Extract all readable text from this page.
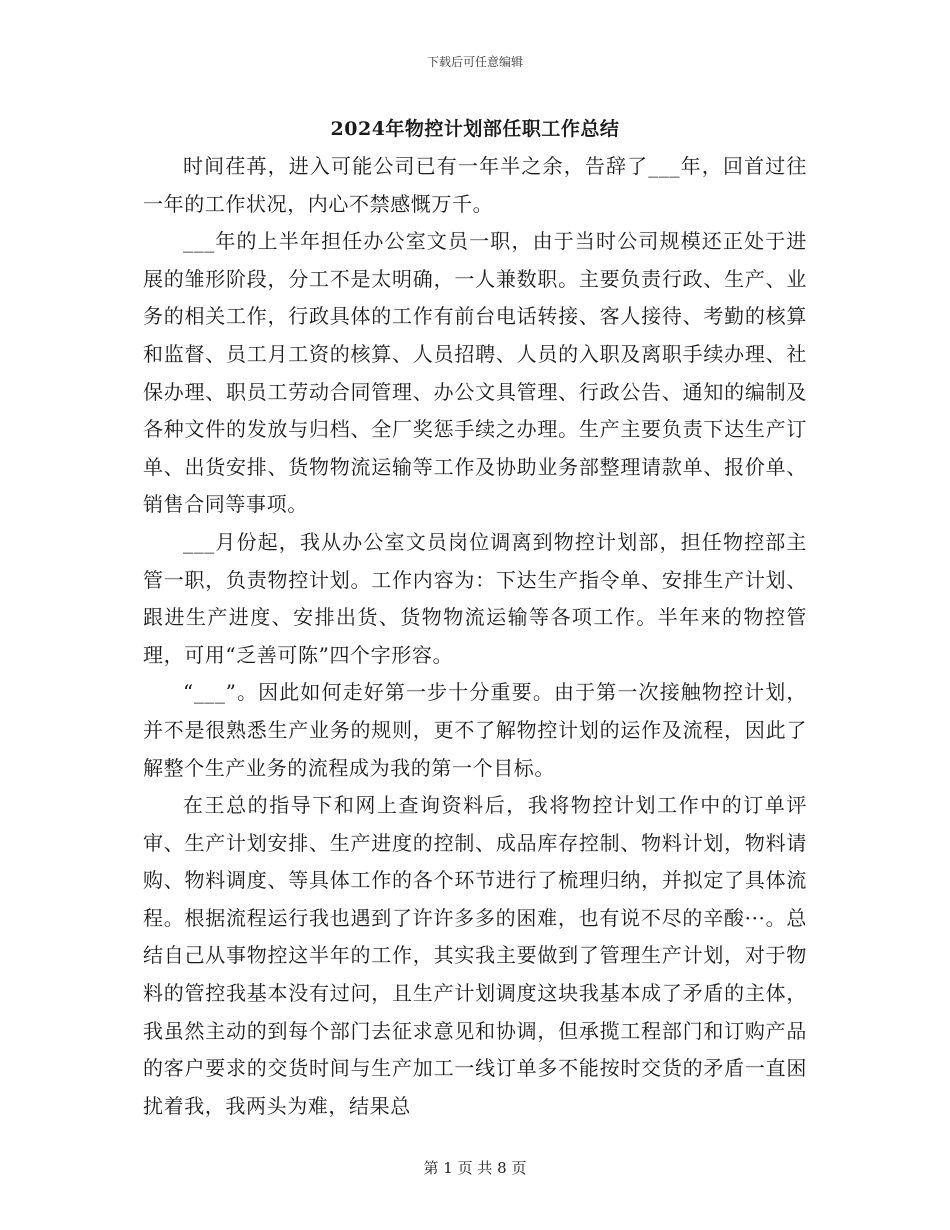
下载后可任意编辑
2024年物控计划部任职工作总结

时间荏苒，进入可能公司已有一年半之余，告辞了___年，回首过往一年的工作状况，内心不禁感慨万千。

___年的上半年担任办公室文员一职，由于当时公司规模还正处于进展的雏形阶段，分工不是太明确，一人兼数职。主要负责行政、生产、业务的相关工作，行政具体的工作有前台电话转接、客人接待、考勤的核算和监督、员工月工资的核算、人员招聘、人员的入职及离职手续办理、社保办理、职员工劳动合同管理、办公文具管理、行政公告、通知的编制及各种文件的发放与归档、全厂奖惩手续之办理。生产主要负责下达生产订单、出货安排、货物物流运输等工作及协助业务部整理请款单、报价单、销售合同等事项。

___月份起，我从办公室文员岗位调离到物控计划部，担任物控部主管一职，负责物控计划。工作内容为：下达生产指令单、安排生产计划、跟进生产进度、安排出货、货物物流运输等各项工作。半年来的物控管理，可用“乏善可陈”四个字形容。

“___”。因此如何走好第一步十分重要。由于第一次接触物控计划，并不是很熟悉生产业务的规则，更不了解物控计划的运作及流程，因此了解整个生产业务的流程成为我的第一个目标。

在王总的指导下和网上查询资料后，我将物控计划工作中的订单评审、生产计划安排、生产进度的控制、成品库存控制、物料计划，物料请购、物料调度、等具体工作的各个环节进行了梳理归纳，并拟定了具体流程。根据流程运行我也遇到了许许多多的困难，也有说不尽的辛酸···。总结自己从事物控这半年的工作，其实我主要做到了管理生产计划，对于物料的管控我基本没有过问，且生产计划调度这块我基本成了矛盾的主体，我虽然主动的到每个部门去征求意见和协调，但承揽工程部门和订购产品的客户要求的交货时间与生产加工一线订单多不能按时交货的矛盾一直困扰着我，我两头为难，结果总

第 1 页 共 8 页
